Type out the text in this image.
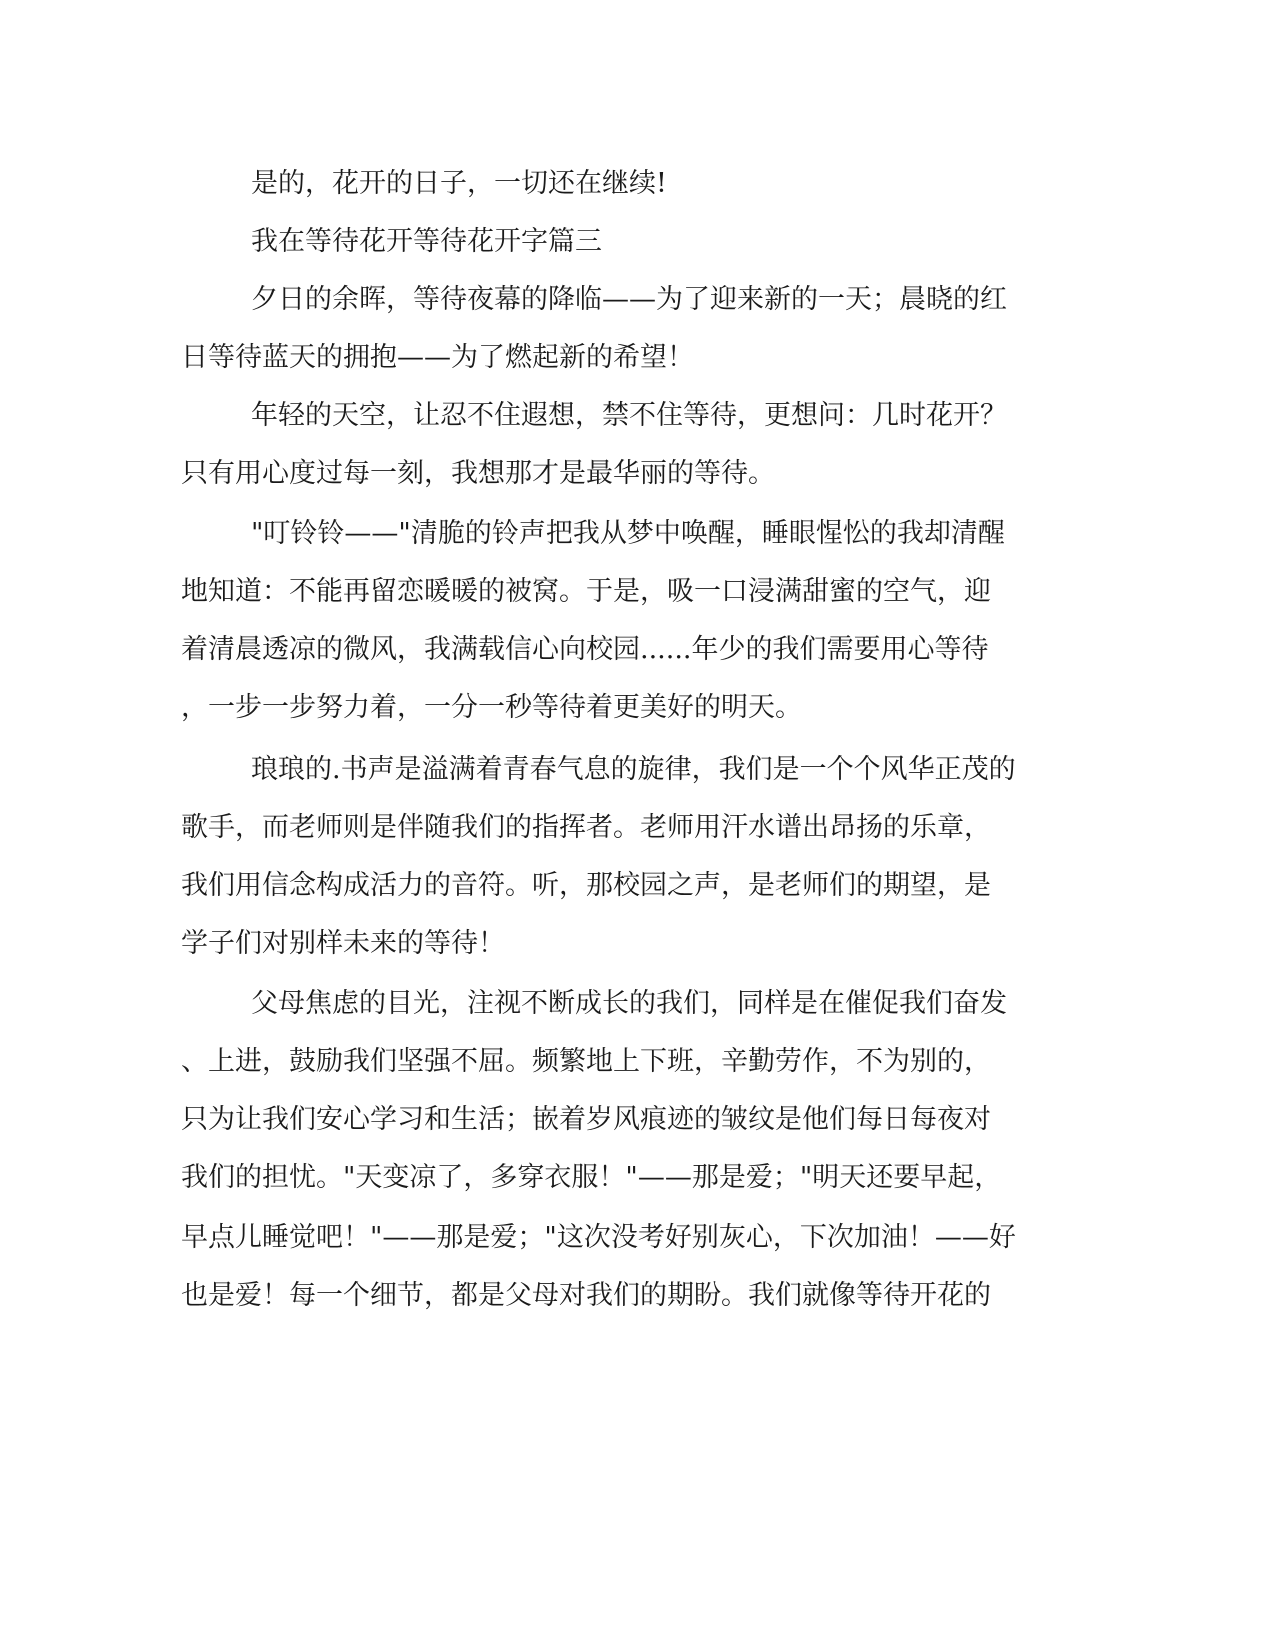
是的，花开的日子，一切还在继续!

我在等待花开等待花开字篇三

夕日的余晖，等待夜幕的降临——为了迎来新的一天；晨晓的红

日等待蓝天的拥抱——为了燃起新的希望！

年轻的天空，让忍不住遐想，禁不住等待，更想问：几时花开？

只有用心度过每一刻，我想那才是最华丽的等待。

"叮铃铃——"清脆的铃声把我从梦中唤醒，睡眼惺忪的我却清醒

地知道：不能再留恋暖暖的被窝。于是，吸一口浸满甜蜜的空气，迎

着清晨透凉的微风，我满载信心向校园......年少的我们需要用心等待

，一步一步努力着，一分一秒等待着更美好的明天。

琅琅的.书声是溢满着青春气息的旋律，我们是一个个风华正茂的

歌手，而老师则是伴随我们的指挥者。老师用汗水谱出昂扬的乐章，

我们用信念构成活力的音符。听，那校园之声，是老师们的期望，是

学子们对别样未来的等待！

父母焦虑的目光，注视不断成长的我们，同样是在催促我们奋发

、上进，鼓励我们坚强不屈。频繁地上下班，辛勤劳作，不为别的，

只为让我们安心学习和生活；嵌着岁风痕迹的皱纹是他们每日每夜对

我们的担忧。"天变凉了，多穿衣服！"——那是爱；"明天还要早起，

早点儿睡觉吧！"——那是爱；"这次没考好别灰心，下次加油！——好

也是爱！每一个细节，都是父母对我们的期盼。我们就像等待开花的
